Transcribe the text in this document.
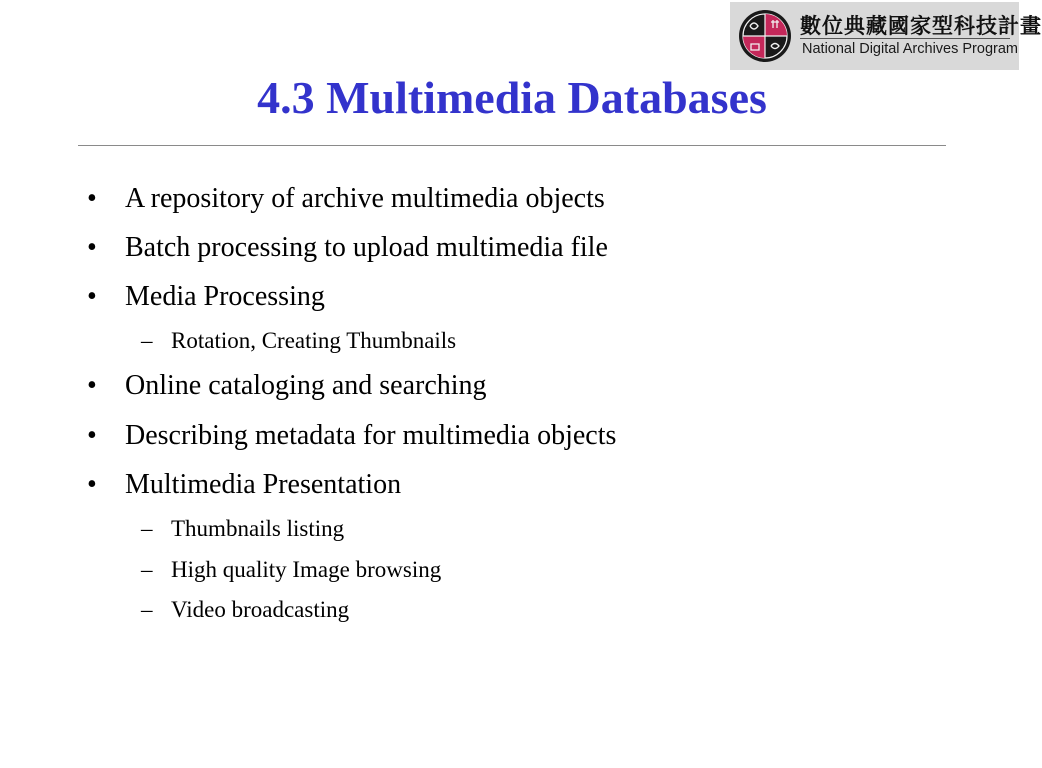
數位典藏國家型科技計畫
National Digital Archives Program
4.3 Multimedia Databases
• A repository of archive multimedia objects
• Batch processing to upload multimedia file
• Media Processing
– Rotation, Creating Thumbnails
• Online cataloging and searching
• Describing metadata for multimedia objects
• Multimedia Presentation
– Thumbnails listing
– High quality Image browsing
– Video broadcasting
